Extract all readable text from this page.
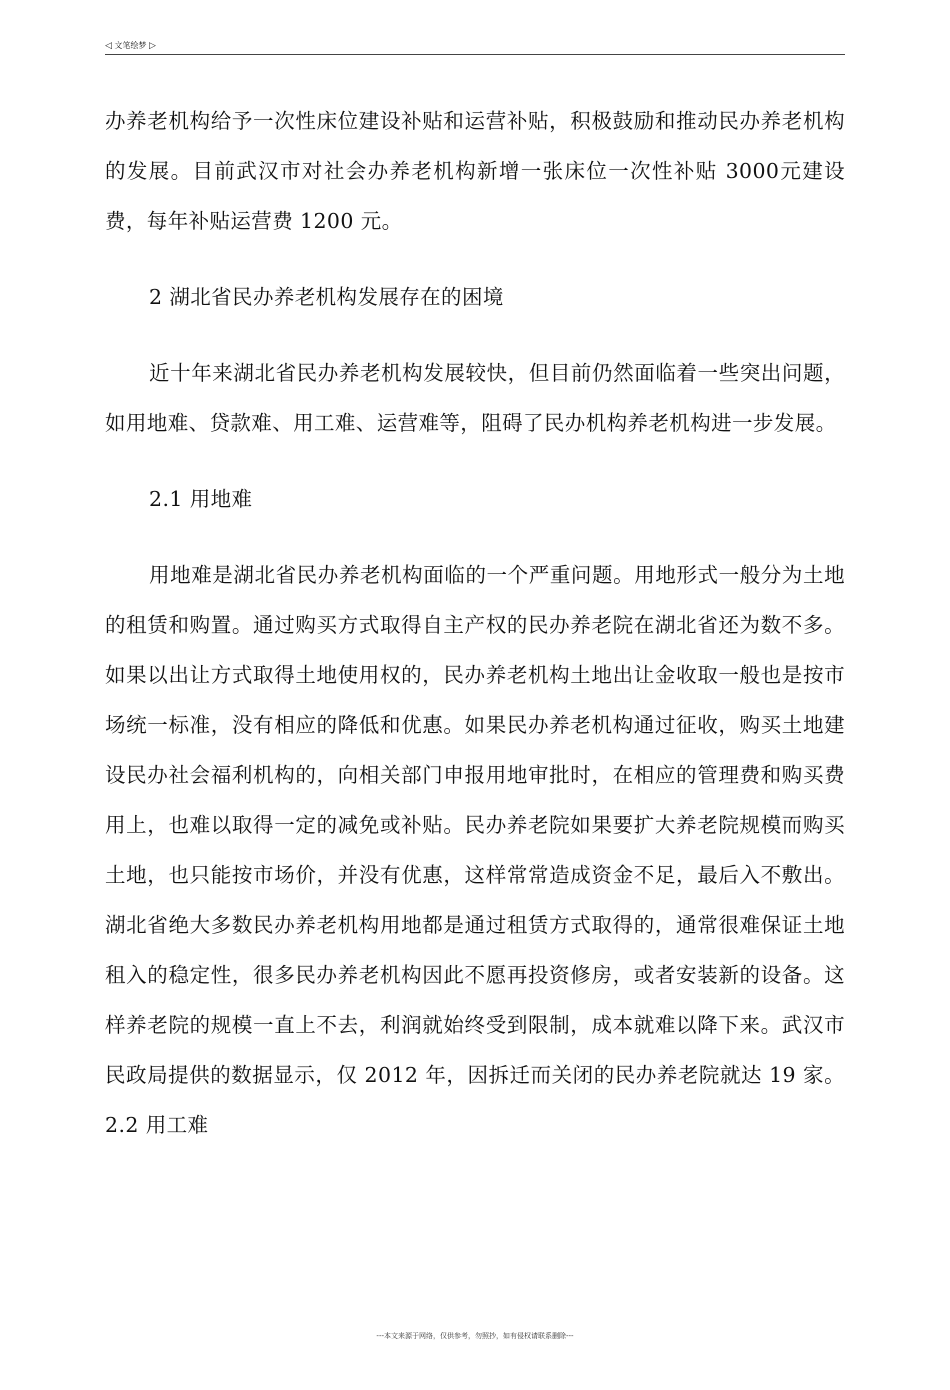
◁ 文笔绘梦 ▷

办养老机构给予一次性床位建设补贴和运营补贴，积极鼓励和推动民办养老机构的发展。目前武汉市对社会办养老机构新增一张床位一次性补贴 3000元建设费，每年补贴运营费 1200 元。

2 湖北省民办养老机构发展存在的困境

近十年来湖北省民办养老机构发展较快，但目前仍然面临着一些突出问题，如用地难、贷款难、用工难、运营难等，阻碍了民办机构养老机构进一步发展。

2.1 用地难

用地难是湖北省民办养老机构面临的一个严重问题。用地形式一般分为土地的租赁和购置。通过购买方式取得自主产权的民办养老院在湖北省还为数不多。如果以出让方式取得土地使用权的，民办养老机构土地出让金收取一般也是按市场统一标准，没有相应的降低和优惠。如果民办养老机构通过征收，购买土地建设民办社会福利机构的，向相关部门申报用地审批时，在相应的管理费和购买费用上，也难以取得一定的减免或补贴。民办养老院如果要扩大养老院规模而购买土地，也只能按市场价，并没有优惠，这样常常造成资金不足，最后入不敷出。湖北省绝大多数民办养老机构用地都是通过租赁方式取得的，通常很难保证土地租入的稳定性，很多民办养老机构因此不愿再投资修房，或者安装新的设备。这样养老院的规模一直上不去，利润就始终受到限制，成本就难以降下来。武汉市民政局提供的数据显示，仅 2012 年，因拆迁而关闭的民办养老院就达 19 家。2.2 用工难

---本文来源于网络，仅供参考，勿照抄，如有侵权请联系删除---
